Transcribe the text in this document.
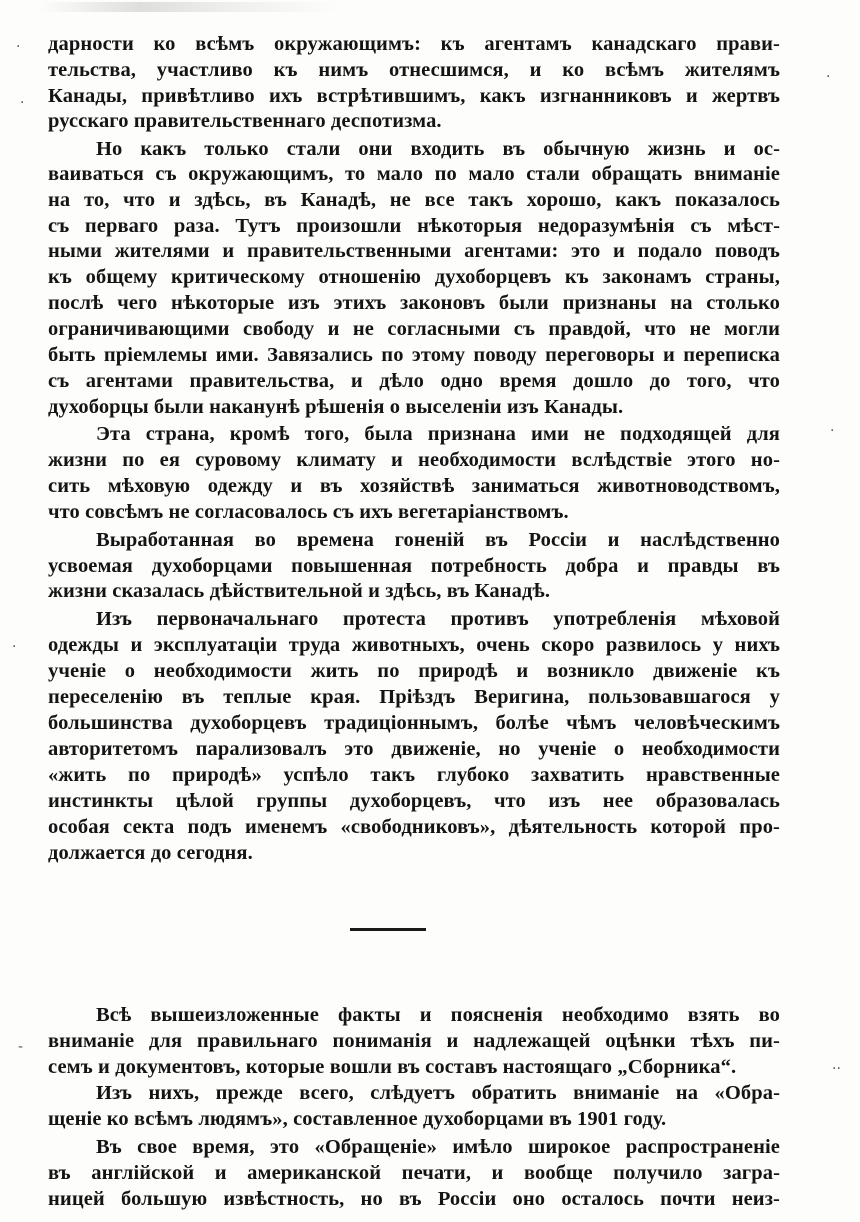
дарности ко всѣмъ окружающимъ: къ агентамъ канадскаго прави-
тельства, участливо къ нимъ отнесшимся, и ко всѣмъ жителямъ
Канады, привѣтливо ихъ встрѣтившимъ, какъ изгнанниковъ и жертвъ
русскаго правительственнаго деспотизма.
Но какъ только стали они входить въ обычную жизнь и ос-
ваиваться съ окружающимъ, то мало по мало стали обращать вниманіе
на то, что и здѣсь, въ Канадѣ, не все такъ хорошо, какъ показалось
съ перваго раза. Тутъ произошли нѣкоторыя недоразумѣнія съ мѣст-
ными жителями и правительственными агентами: это и подало поводъ
къ общему критическому отношенію духоборцевъ къ законамъ страны,
послѣ чего нѣкоторые изъ этихъ законовъ были признаны на столько
ограничивающими свободу и не согласными съ правдой, что не могли
быть пріемлемы ими. Завязались по этому поводу переговоры и переписка
съ агентами правительства, и дѣло одно время дошло до того, что
духоборцы были наканунѣ рѣшенія о выселеніи изъ Канады.
Эта страна, кромѣ того, была признана ими не подходящей для
жизни по ея суровому климату и необходимости вслѣдствіе этого но-
сить мѣховую одежду и въ хозяйствѣ заниматься животноводствомъ,
что совсѣмъ не согласовалось съ ихъ вегетаріанствомъ.
Выработанная во времена гоненій въ Россіи и наслѣдственно
усвоемая духоборцами повышенная потребность добра и правды въ
жизни сказалась дѣйствительной и здѣсь, въ Канадѣ.
Изъ первоначальнаго протеста противъ употребленія мѣховой
одежды и эксплуатаціи труда животныхъ, очень скоро развилось у нихъ
ученіе о необходимости жить по природѣ и возникло движеніе къ
переселенію въ теплые края. Пріѣздъ Веригина, пользовавшагося у
большинства духоборцевъ традиціоннымъ, болѣе чѣмъ человѣческимъ
авторитетомъ парализовалъ это движеніе, но ученіе о необходимости
«жить по природѣ» успѣло такъ глубоко захватить нравственные
инстинкты цѣлой группы духоборцевъ, что изъ нее образовалась
особая секта подъ именемъ «свободниковъ», дѣятельность которой про-
должается до сегодня.
Всѣ вышеизложенные факты и поясненія необходимо взять во
вниманіе для правильнаго пониманія и надлежащей оцѣнки тѣхъ пи-
семъ и документовъ, которые вошли въ составъ настоящаго „Сборника“.
Изъ нихъ, прежде всего, слѣдуетъ обратить вниманіе на «Обра-
щеніе ко всѣмъ людямъ», составленное духоборцами въ 1901 году.
Въ свое время, это «Обращеніе» имѣло широкое распространеніе
въ англійской и американской печати, и вообще получило загра-
ницей большую извѣстность, но въ Россіи оно осталось почти неиз-
·
·
·
·
·
-
··
